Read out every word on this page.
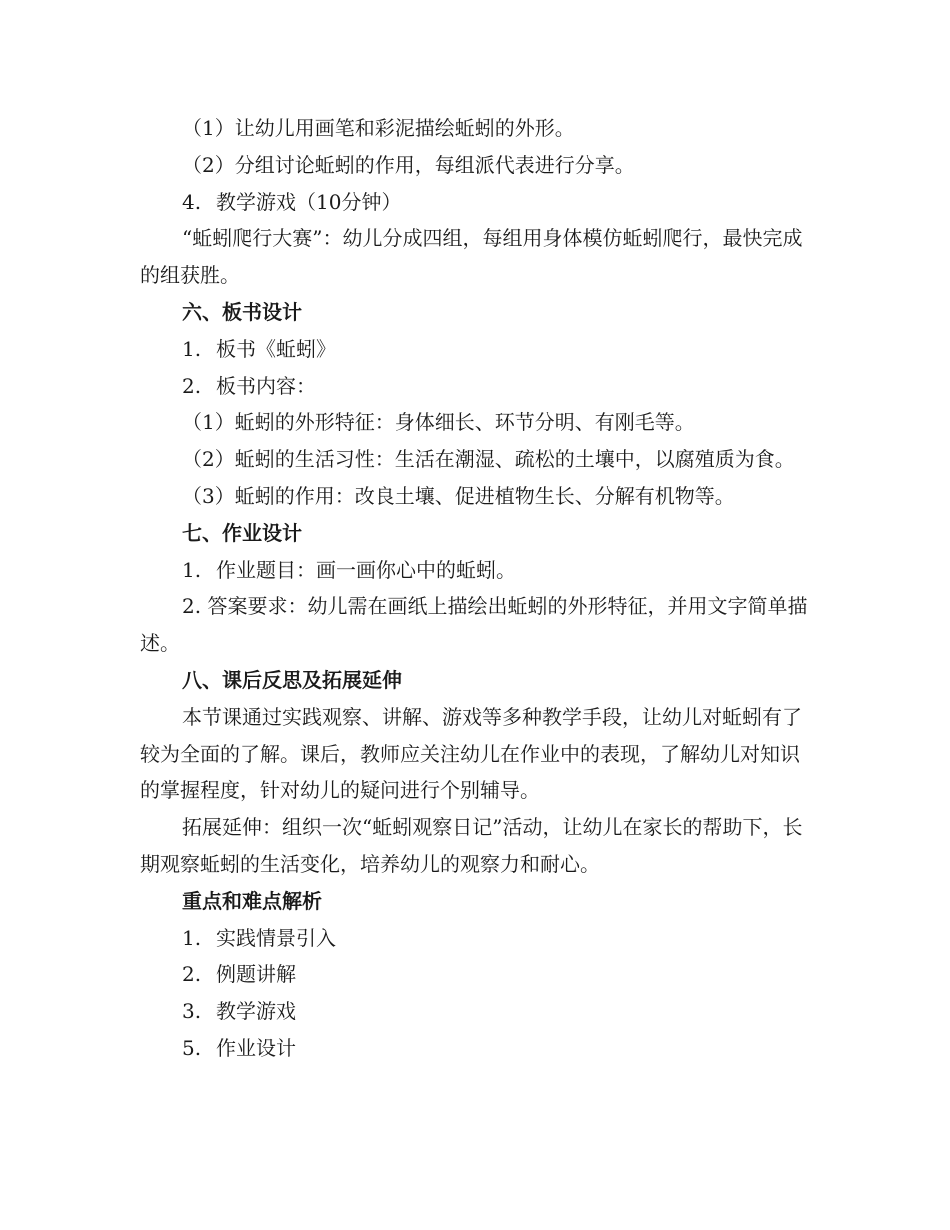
（1）让幼儿用画笔和彩泥描绘蚯蚓的外形。

（2）分组讨论蚯蚓的作用，每组派代表进行分享。

4. 教学游戏（10分钟）

“蚯蚓爬行大赛”：幼儿分成四组，每组用身体模仿蚯蚓爬行，最快完成的组获胜。

六、板书设计

1. 板书《蚯蚓》

2. 板书内容：

（1）蚯蚓的外形特征：身体细长、环节分明、有刚毛等。

（2）蚯蚓的生活习性：生活在潮湿、疏松的土壤中，以腐殖质为食。

（3）蚯蚓的作用：改良土壤、促进植物生长、分解有机物等。

七、作业设计

1. 作业题目：画一画你心中的蚯蚓。

2. 答案要求：幼儿需在画纸上描绘出蚯蚓的外形特征，并用文字简单描述。

八、课后反思及拓展延伸

本节课通过实践观察、讲解、游戏等多种教学手段，让幼儿对蚯蚓有了较为全面的了解。课后，教师应关注幼儿在作业中的表现，了解幼儿对知识的掌握程度，针对幼儿的疑问进行个别辅导。

拓展延伸：组织一次“蚯蚓观察日记”活动，让幼儿在家长的帮助下，长期观察蚯蚓的生活变化，培养幼儿的观察力和耐心。

重点和难点解析

1. 实践情景引入

2. 例题讲解

3. 教学游戏

5. 作业设计
